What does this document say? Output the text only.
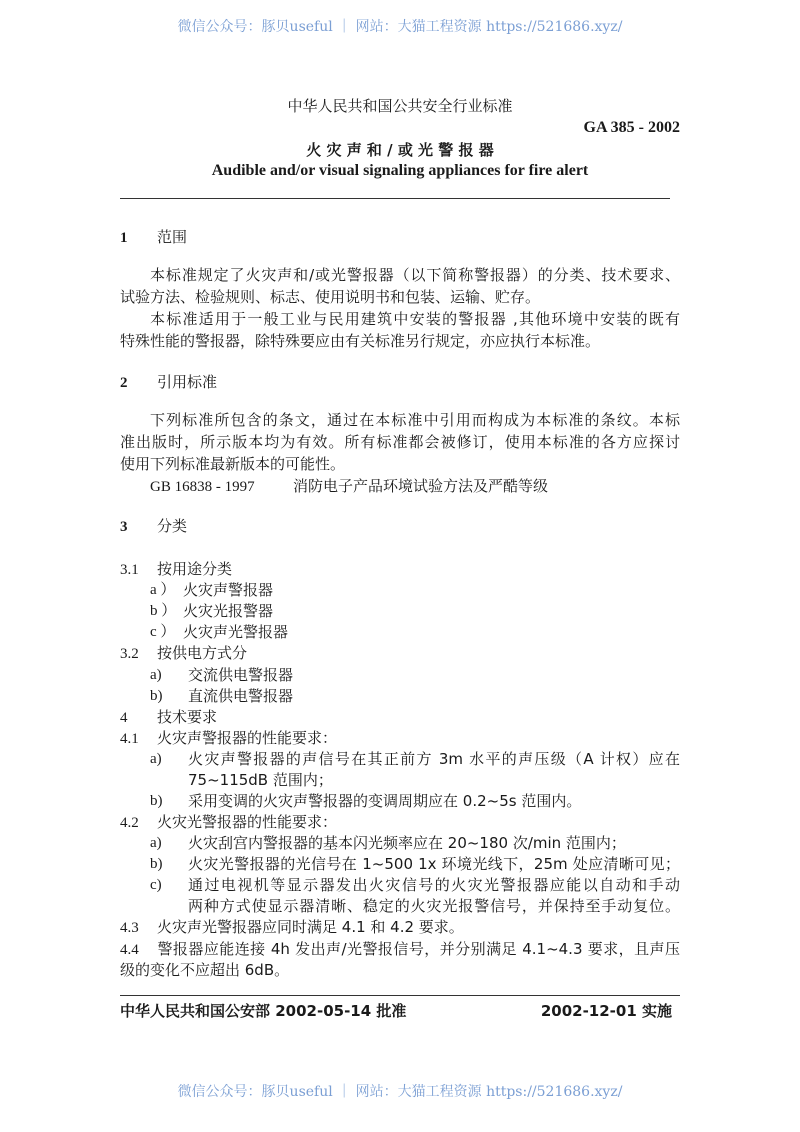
微信公众号：豚贝useful ｜ 网站：大猫工程资源 https://521686.xyz/
中华人民共和国公共安全行业标准
GA 385 - 2002
火 灾 声 和 / 或 光 警 报 器
Audible and/or visual signaling appliances for fire alert
1 范围
本标准规定了火灾声和/或光警报器（以下简称警报器）的分类、技术要求、
试验方法、检验规则、标志、使用说明书和包装、运输、贮存。
本标准适用于一般工业与民用建筑中安装的警报器 ,其他环境中安装的既有
特殊性能的警报器，除特殊要应由有关标准另行规定，亦应执行本标准。
2 引用标准
下列标准所包含的条文，通过在本标准中引用而构成为本标准的条纹。本标
准出版时，所示版本均为有效。所有标准都会被修订，使用本标准的各方应探讨
使用下列标准最新版本的可能性。
GB 16838 - 1997	消防电子产品环境试验方法及严酷等级
3 分类
3.1 按用途分类
a ） 火灾声警报器
b ） 火灾光报警器
c ） 火灾声光警报器
3.2 按供电方式分
a) 交流供电警报器
b) 直流供电警报器
4 技术要求
4.1 火灾声警报器的性能要求：
a) 火灾声警报器的声信号在其正前方 3m 水平的声压级（A 计权）应在
75~115dB 范围内；
b) 采用变调的火灾声警报器的变调周期应在 0.2~5s 范围内。
4.2 火灾光警报器的性能要求：
a) 火灾刮宫内警报器的基本闪光频率应在 20~180 次/min 范围内；
b) 火灾光警报器的光信号在 1~500 1x 环境光线下，25m 处应清晰可见；
c) 通过电视机等显示器发出火灾信号的火灾光警报器应能以自动和手动
两种方式使显示器清晰、稳定的火灾光报警信号，并保持至手动复位。
4.3 火灾声光警报器应同时满足 4.1 和 4.2 要求。
4.4 警报器应能连接 4h 发出声/光警报信号，并分别满足 4.1~4.3 要求，且声压
级的变化不应超出 6dB。
中华人民共和国公安部 2002-05-14 批准	2002-12-01 实施
微信公众号：豚贝useful ｜ 网站：大猫工程资源 https://521686.xyz/
